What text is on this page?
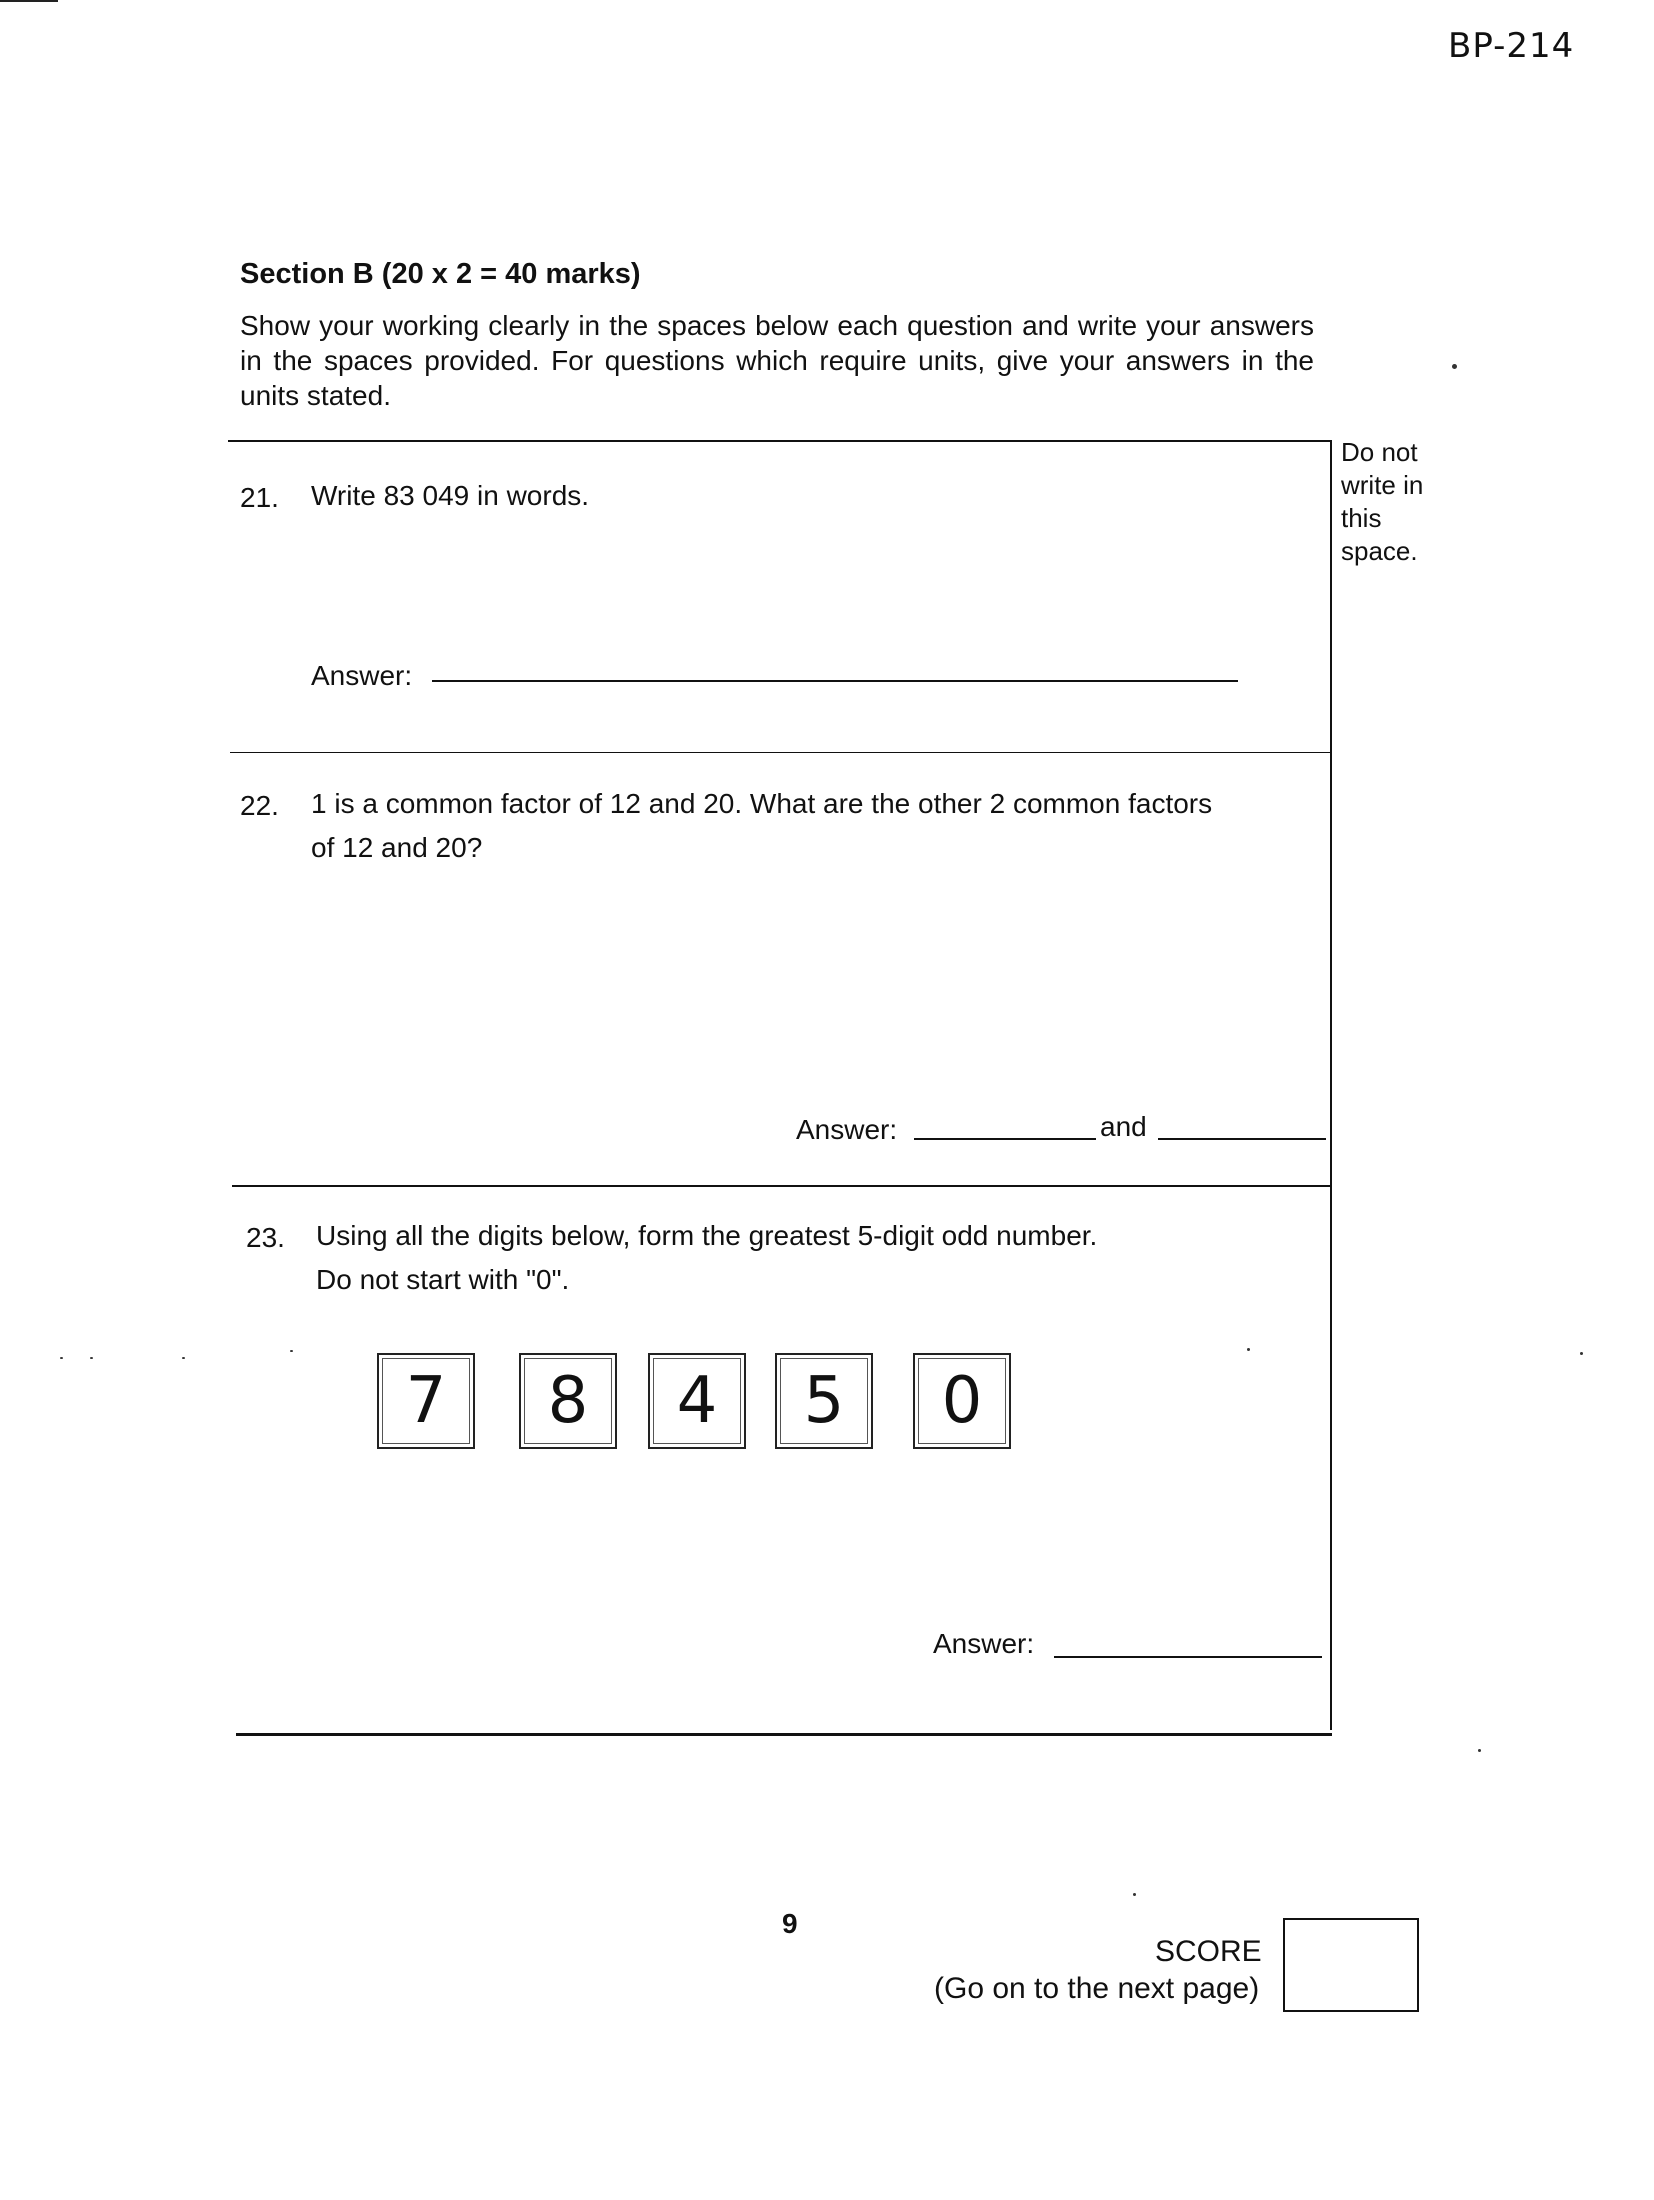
BP-214
Section B (20 x 2 = 40 marks)
Show your working clearly in the spaces below each question and write your answers in the spaces provided. For questions which require units, give your answers in the units stated.
Do not write in this space.
21. Write 83 049 in words.
Answer:
22. 1 is a common factor of 12 and 20. What are the other 2 common factors
of 12 and 20?
Answer:	and
23. Using all the digits below, form the greatest 5-digit odd number.
Do not start with "0".
7	8	4	5	0
Answer:
9
SCORE
(Go on to the next page)
